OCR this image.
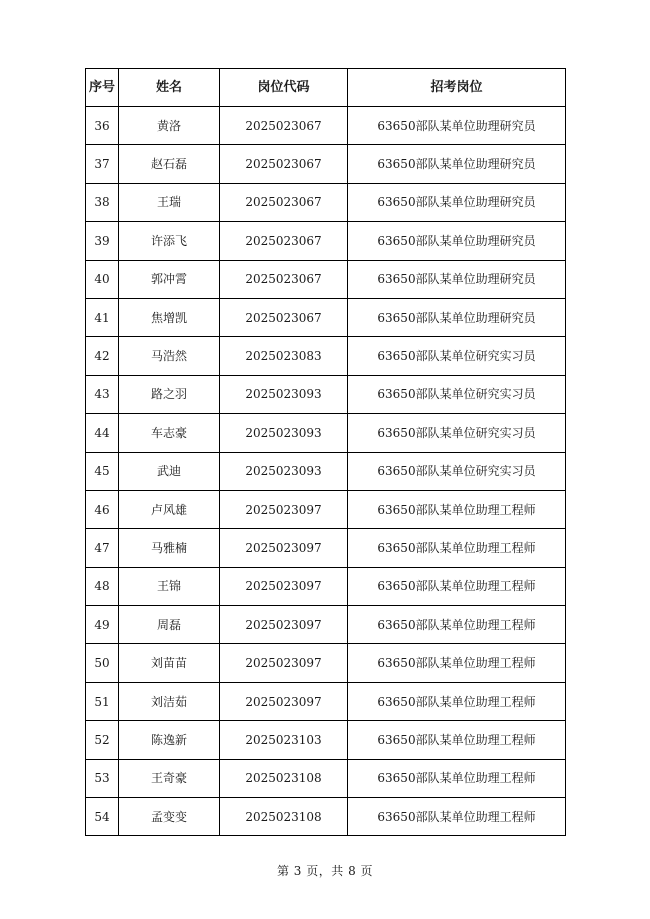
序号	姓名	岗位代码	招考岗位
36	黄洛	2025023067	63650部队某单位助理研究员
37	赵石磊	2025023067	63650部队某单位助理研究员
38	王瑞	2025023067	63650部队某单位助理研究员
39	许添飞	2025023067	63650部队某单位助理研究员
40	郭冲霄	2025023067	63650部队某单位助理研究员
41	焦增凯	2025023067	63650部队某单位助理研究员
42	马浩然	2025023083	63650部队某单位研究实习员
43	路之羽	2025023093	63650部队某单位研究实习员
44	车志豪	2025023093	63650部队某单位研究实习员
45	武迪	2025023093	63650部队某单位研究实习员
46	卢风雄	2025023097	63650部队某单位助理工程师
47	马雅楠	2025023097	63650部队某单位助理工程师
48	王锦	2025023097	63650部队某单位助理工程师
49	周磊	2025023097	63650部队某单位助理工程师
50	刘苗苗	2025023097	63650部队某单位助理工程师
51	刘洁茹	2025023097	63650部队某单位助理工程师
52	陈逸新	2025023103	63650部队某单位助理工程师
53	王奇豪	2025023108	63650部队某单位助理工程师
54	孟变变	2025023108	63650部队某单位助理工程师
第 3 页，共 8 页
